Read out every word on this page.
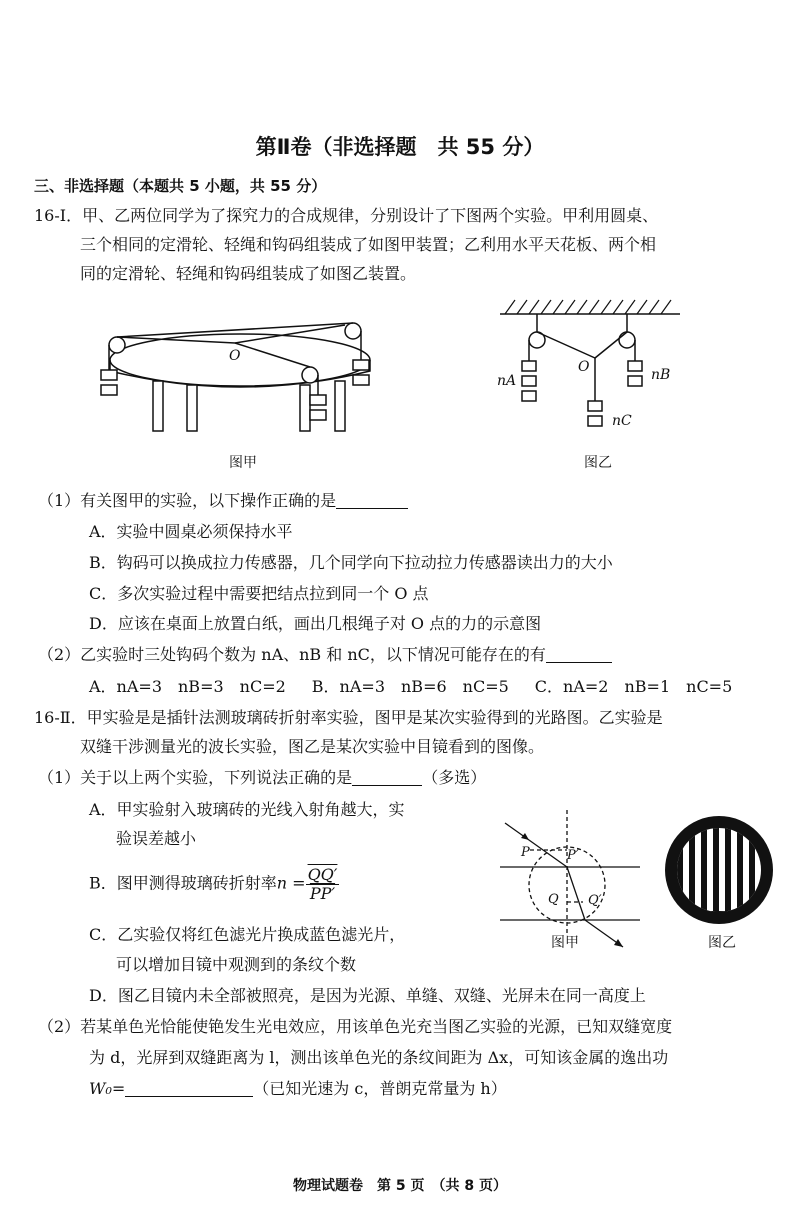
第Ⅱ卷（非选择题　共 55 分）
三、非选择题（本题共 5 小题，共 55 分）
16-Ⅰ．甲、乙两位同学为了探究力的合成规律，分别设计了下图两个实验。甲利用圆桌、
三个相同的定滑轮、轻绳和钩码组装成了如图甲装置；乙利用水平天花板、两个相
同的定滑轮、轻绳和钩码组装成了如图乙装置。
O
图甲
O
nA	nB
nC
图乙
（1）有关图甲的实验，以下操作正确的是
A．实验中圆桌必须保持水平
B．钩码可以换成拉力传感器，几个同学向下拉动拉力传感器读出力的大小
C．多次实验过程中需要把结点拉到同一个 O 点
D．应该在桌面上放置白纸，画出几根绳子对 O 点的力的示意图
（2）乙实验时三处钩码个数为 nA、nB 和 nC，以下情况可能存在的有
A．nA=3　nB=3　nC=2 B．nA=3　nB=6　nC=5 C．nA=2　nB=1　nC=5
16-Ⅱ．甲实验是是插针法测玻璃砖折射率实验，图甲是某次实验得到的光路图。乙实验是
双缝干涉测量光的波长实验，图乙是某次实验中目镜看到的图像。
（1）关于以上两个实验，下列说法正确的是	（多选）
A．甲实验射入玻璃砖的光线入射角越大，实
验误差越小
B．图甲测得玻璃砖折射率$n = \frac{QQ'}{PP'}$
C．乙实验仅将红色滤光片换成蓝色滤光片，
可以增加目镜中观测到的条纹个数
D．图乙目镜内未全部被照亮，是因为光源、单缝、双缝、光屏未在同一高度上
P	P′
Q Q′
图甲	图乙
（2）若某单色光恰能使铯发生光电效应，用该单色光充当图乙实验的光源，已知双缝宽度
为 d，光屏到双缝距离为 l，测出该单色光的条纹间距为 Δx，可知该金属的逸出功
W₀=	（已知光速为 c，普朗克常量为 h）
物理试题卷　第 5 页　（共 8 页）
